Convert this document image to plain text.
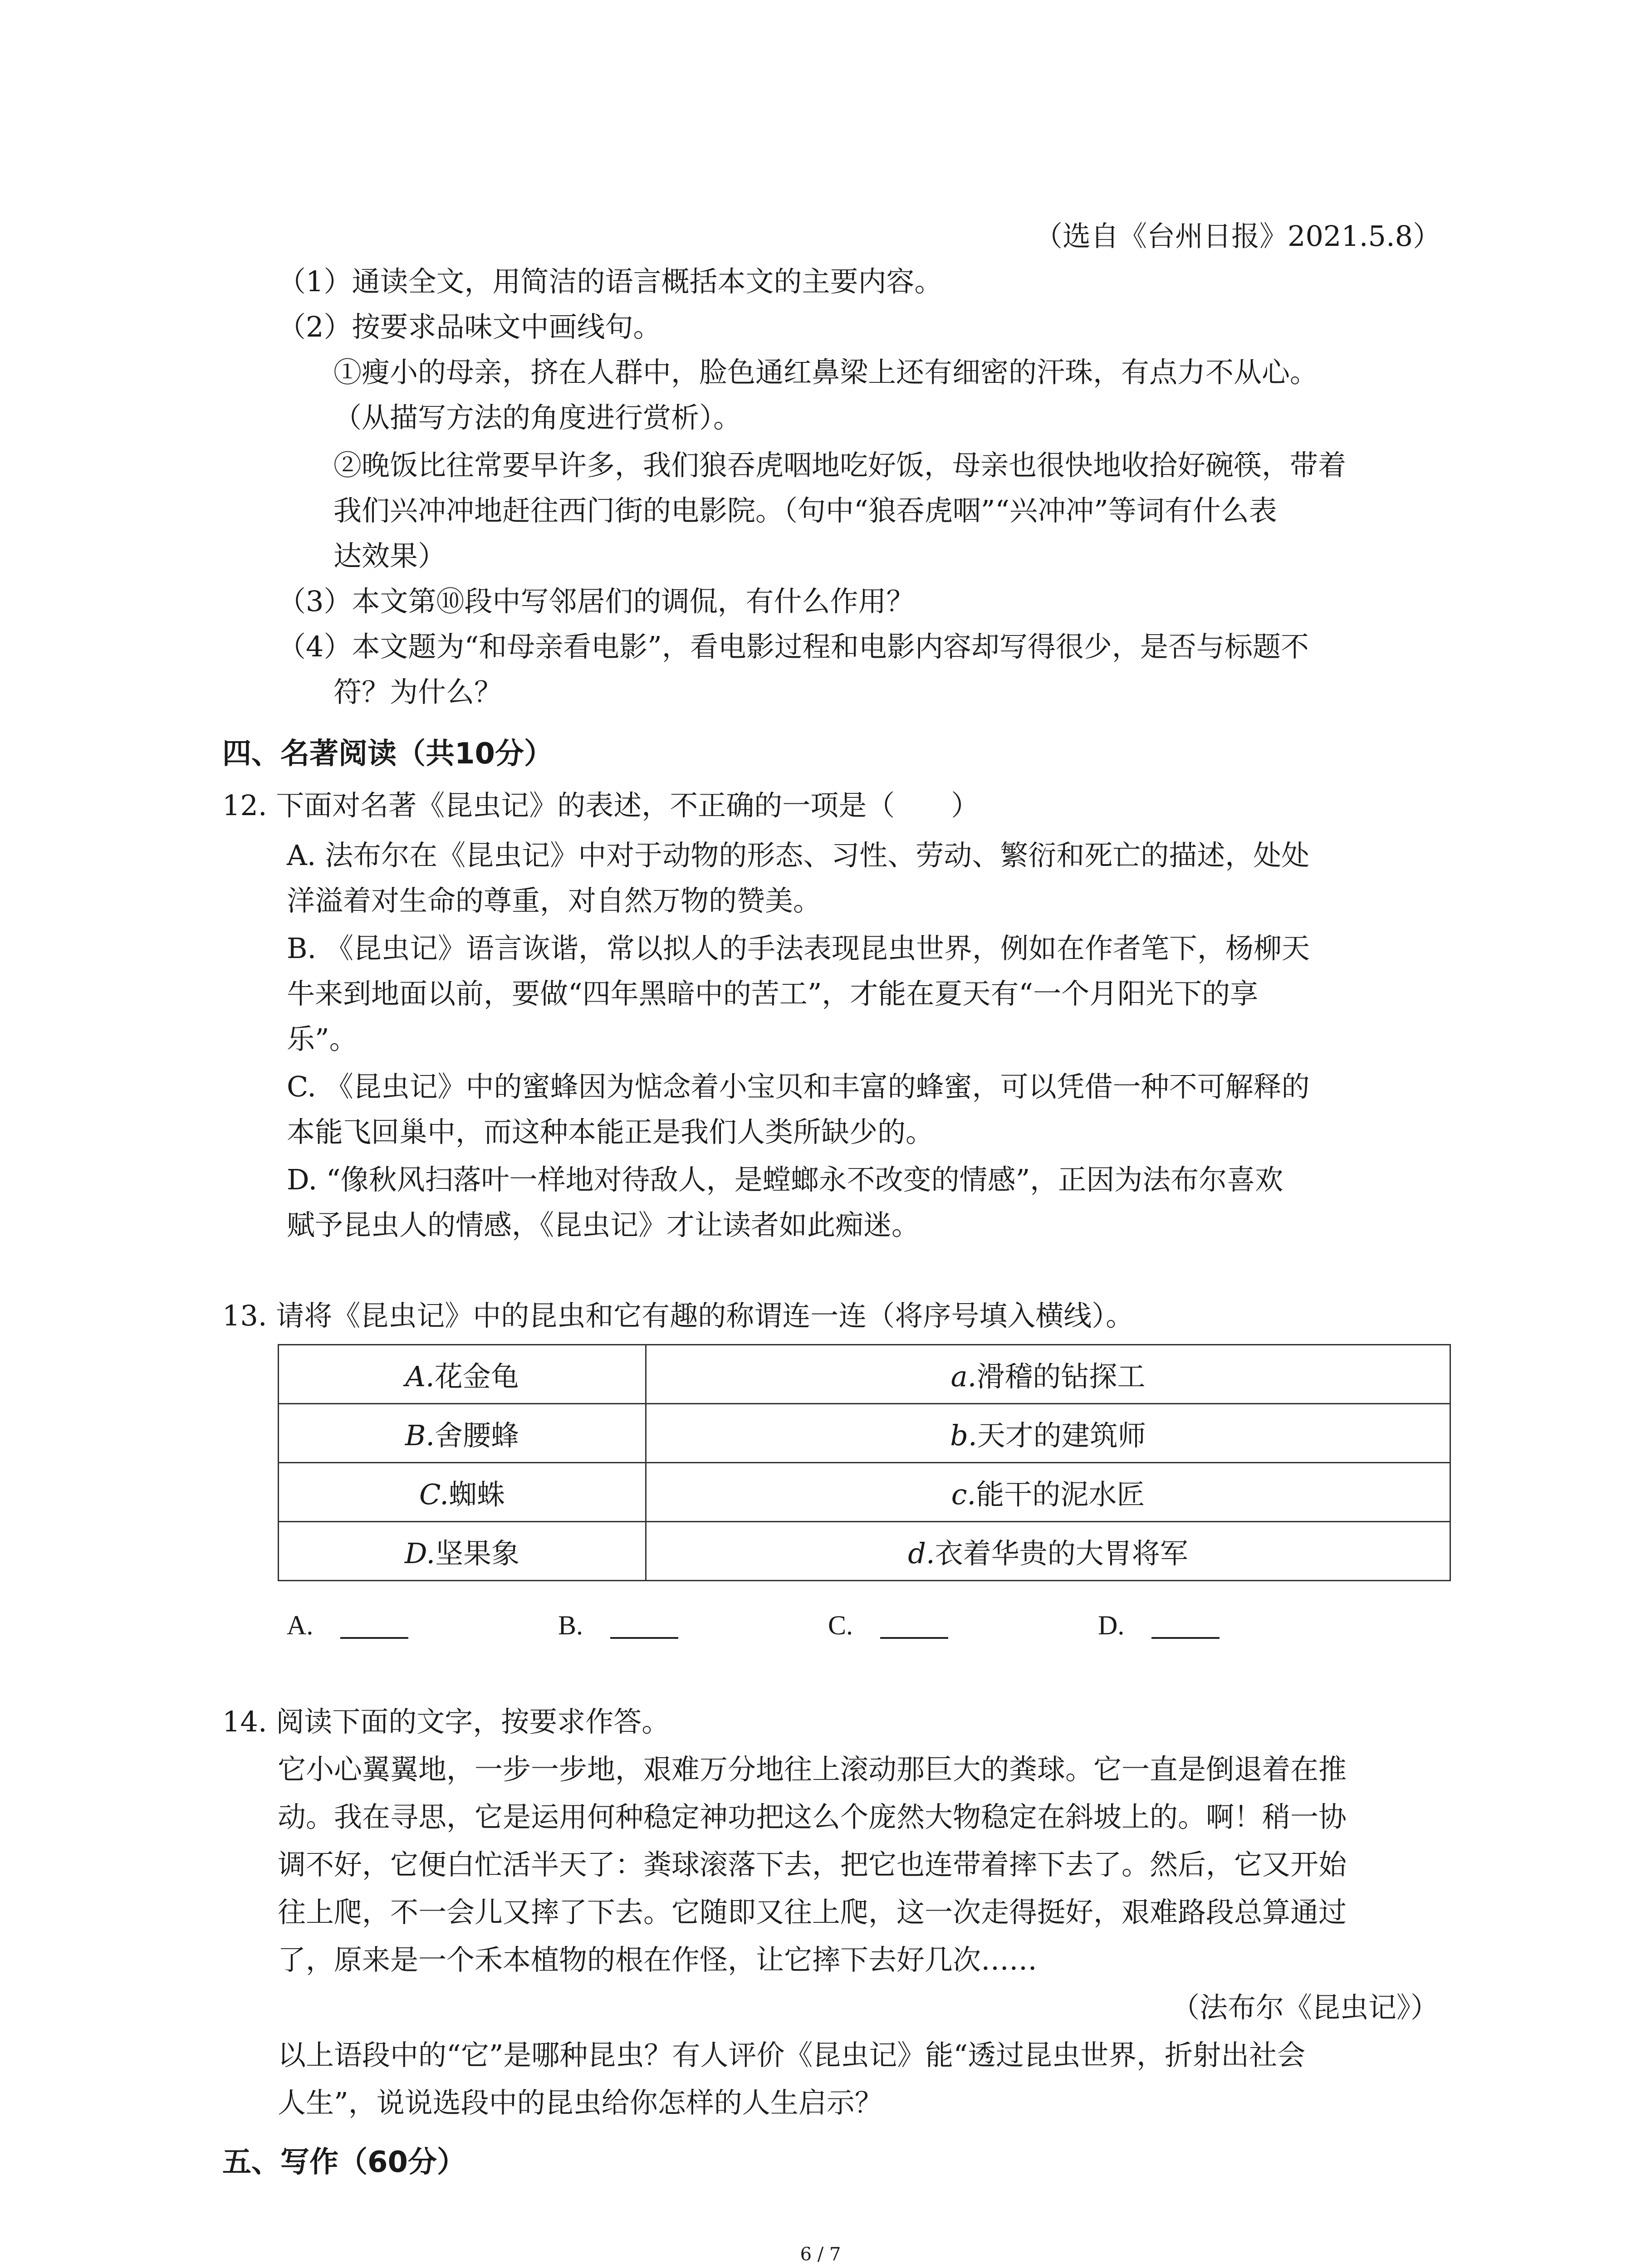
（选自《台州日报》2021.5.8）
（1）通读全文，用简洁的语言概括本文的主要内容。
（2）按要求品味文中画线句。
①瘦小的母亲，挤在人群中，脸色通红鼻梁上还有细密的汗珠，有点力不从心。
（从描写方法的角度进行赏析）。
②晚饭比往常要早许多，我们狼吞虎咽地吃好饭，母亲也很快地收拾好碗筷，带着
我们兴冲冲地赶往西门街的电影院。（句中“狼吞虎咽”“兴冲冲”等词有什么表
达效果）
（3）本文第⑩段中写邻居们的调侃，有什么作用？
（4）本文题为“和母亲看电影”，看电影过程和电影内容却写得很少，是否与标题不
符？为什么？
四、名著阅读（共10分）
12. 下面对名著《昆虫记》的表述，不正确的一项是（　　）
A. 法布尔在《昆虫记》中对于动物的形态、习性、劳动、繁衍和死亡的描述，处处
洋溢着对生命的尊重，对自然万物的赞美。
B. 《昆虫记》语言诙谐，常以拟人的手法表现昆虫世界，例如在作者笔下，杨柳天
牛来到地面以前，要做“四年黑暗中的苦工”，才能在夏天有“一个月阳光下的享
乐”。
C. 《昆虫记》中的蜜蜂因为惦念着小宝贝和丰富的蜂蜜，可以凭借一种不可解释的
本能飞回巢中，而这种本能正是我们人类所缺少的。
D. “像秋风扫落叶一样地对待敌人，是螳螂永不改变的情感”，正因为法布尔喜欢
赋予昆虫人的情感，《昆虫记》才让读者如此痴迷。
13. 请将《昆虫记》中的昆虫和它有趣的称谓连一连（将序号填入横线）。
A.花金龟	a.滑稽的钻探工
B.舍腰蜂	b.天才的建筑师
C.蜘蛛	c.能干的泥水匠
D.坚果象	d.衣着华贵的大胃将军
A.	B.	C.	D.
14. 阅读下面的文字，按要求作答。
它小心翼翼地，一步一步地，艰难万分地往上滚动那巨大的粪球。它一直是倒退着在推
动。我在寻思，它是运用何种稳定神功把这么个庞然大物稳定在斜坡上的。啊！稍一协
调不好，它便白忙活半天了：粪球滚落下去，把它也连带着摔下去了。然后，它又开始
往上爬，不一会儿又摔了下去。它随即又往上爬，这一次走得挺好，艰难路段总算通过
了，原来是一个禾本植物的根在作怪，让它摔下去好几次……
（法布尔《昆虫记》）
以上语段中的“它”是哪种昆虫？有人评价《昆虫记》能“透过昆虫世界，折射出社会
人生”，说说选段中的昆虫给你怎样的人生启示？
五、写作（60分）
6 / 7
